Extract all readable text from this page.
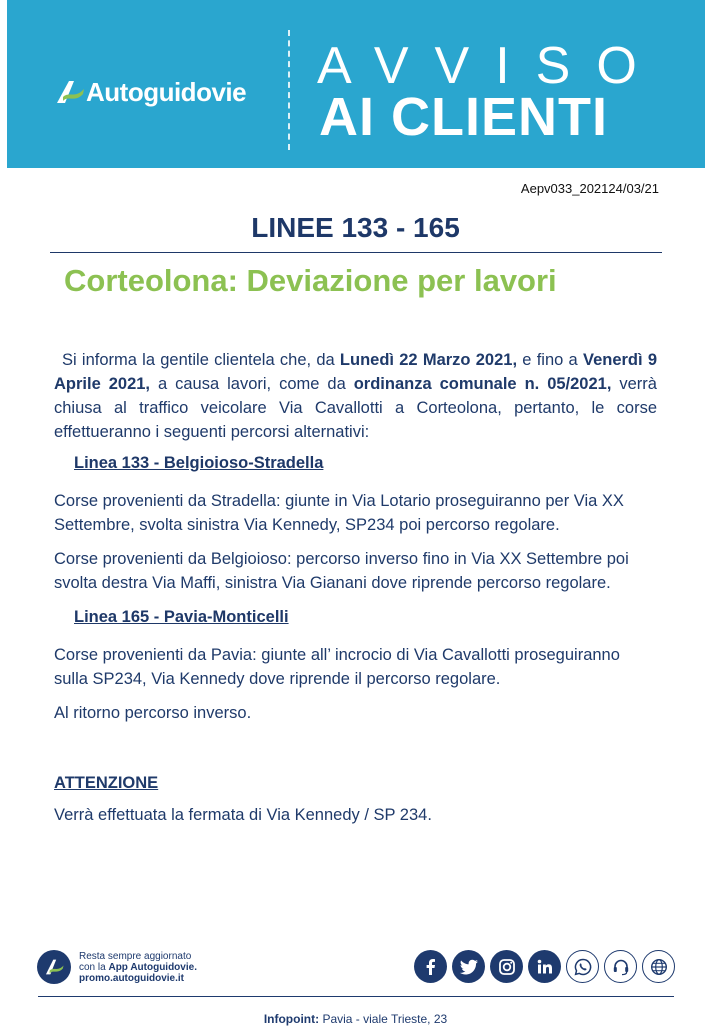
Autoguidovie AVVISO
AI CLIENTI
Aepv033_202124/03/21
LINEE 133 - 165
Corteolona: Deviazione per lavori

Si informa la gentile clientela che, da Lunedì 22 Marzo 2021, e fino a Venerdì 9 Aprile 2021, a causa lavori, come da ordinanza comunale n. 05/2021, verrà chiusa al traffico veicolare Via Cavallotti a Corteolona, pertanto, le corse effettueranno i seguenti percorsi alternativi:

Linea 133 - Belgioioso-Stradella

Corse provenienti da Stradella: giunte in Via Lotario proseguiranno per Via XX Settembre, svolta sinistra Via Kennedy, SP234 poi percorso regolare.

Corse provenienti da Belgioioso: percorso inverso fino in Via XX Settembre poi svolta destra Via Maffi, sinistra Via Gianani dove riprende percorso regolare.

Linea 165 - Pavia-Monticelli

Corse provenienti da Pavia: giunte all’ incrocio di Via Cavallotti proseguiranno sulla SP234, Via Kennedy dove riprende il percorso regolare.

Al ritorno percorso inverso.

ATTENZIONE

Verrà effettuata la fermata di Via Kennedy / SP 234.

Resta sempre aggiornato
con la App Autoguidovie.
promo.autoguidovie.it
Infopoint: Pavia - viale Trieste, 23
